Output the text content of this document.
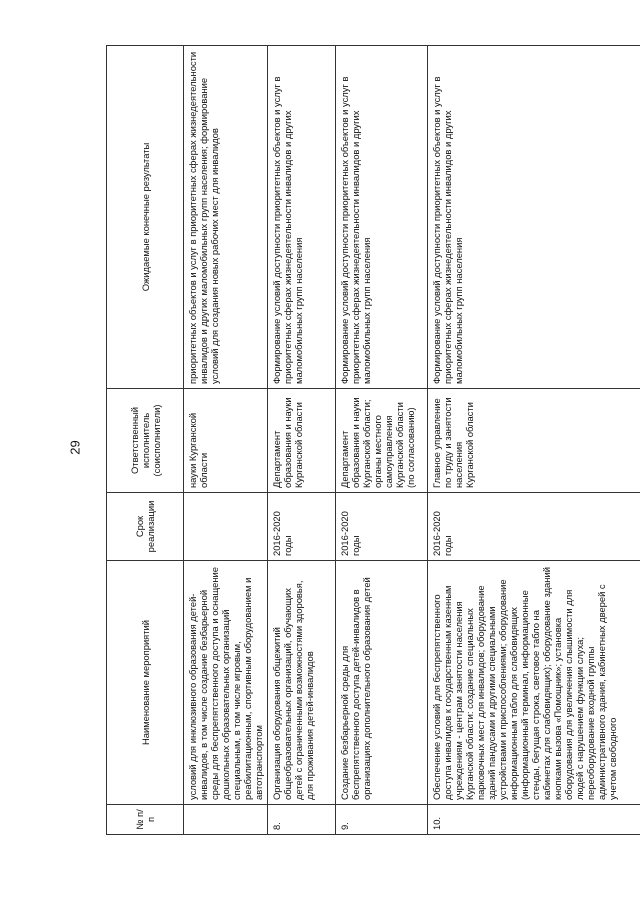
29
№ п/п	Наименование мероприятий	Срок реализации	Ответственный исполнитель (соисполнители)	Ожидаемые конечные результаты
	условий для инклюзивного образования детей-инвалидов, в том числе создание безбарьерной среды для беспрепятственного доступа и оснащение дошкольных образовательных организаций специальным, в том числе игровым, реабилитационным, спортивным оборудованием и автотранспортом		науки Курганской области	приоритетных объектов и услуг в приоритетных сферах жизнедеятельности инвалидов и других маломобильных групп населения; формирование условий для создания новых рабочих мест для инвалидов
8.	Организация оборудования общежитий общеобразовательных организаций, обучающих детей с ограниченными возможностями здоровья, для проживания детей-инвалидов	2016-2020 годы	Департамент образования и науки Курганской области	Формирование условий доступности приоритетных объектов и услуг в приоритетных сферах жизнедеятельности инвалидов и других маломобильных групп населения
9.	Создание безбарьерной среды для беспрепятственного доступа детей-инвалидов в организациях дополнительного образования детей	2016-2020 годы	Департамент образования и науки Курганской области; органы местного самоуправления Курганской области (по согласованию)	Формирование условий доступности приоритетных объектов и услуг в приоритетных сферах жизнедеятельности инвалидов и других маломобильных групп населения
10.	Обеспечение условий для беспрепятственного доступа инвалидов к государственным казенным учреждениям - центрам занятости населения Курганской области: создание специальных парковочных мест для инвалидов; оборудование зданий пандусами и другими специальными устройствами и приспособлениями; оборудование информационным табло для слабовидящих (информационный терминал, информационные стенды, бегущая строка, световое табло на кабинетах для слабовидящих); оборудование зданий кнопками вызова «Помощник»; установка оборудования для увеличения слышимости для людей с нарушением функции слуха; переоборудование входной группы административного здания, кабинетных дверей с учетом свободного	2016-2020 годы	Главное управление по труду и занятости населения Курганской области	Формирование условий доступности приоритетных объектов и услуг в приоритетных сферах жизнедеятельности инвалидов и других маломобильных групп населения
